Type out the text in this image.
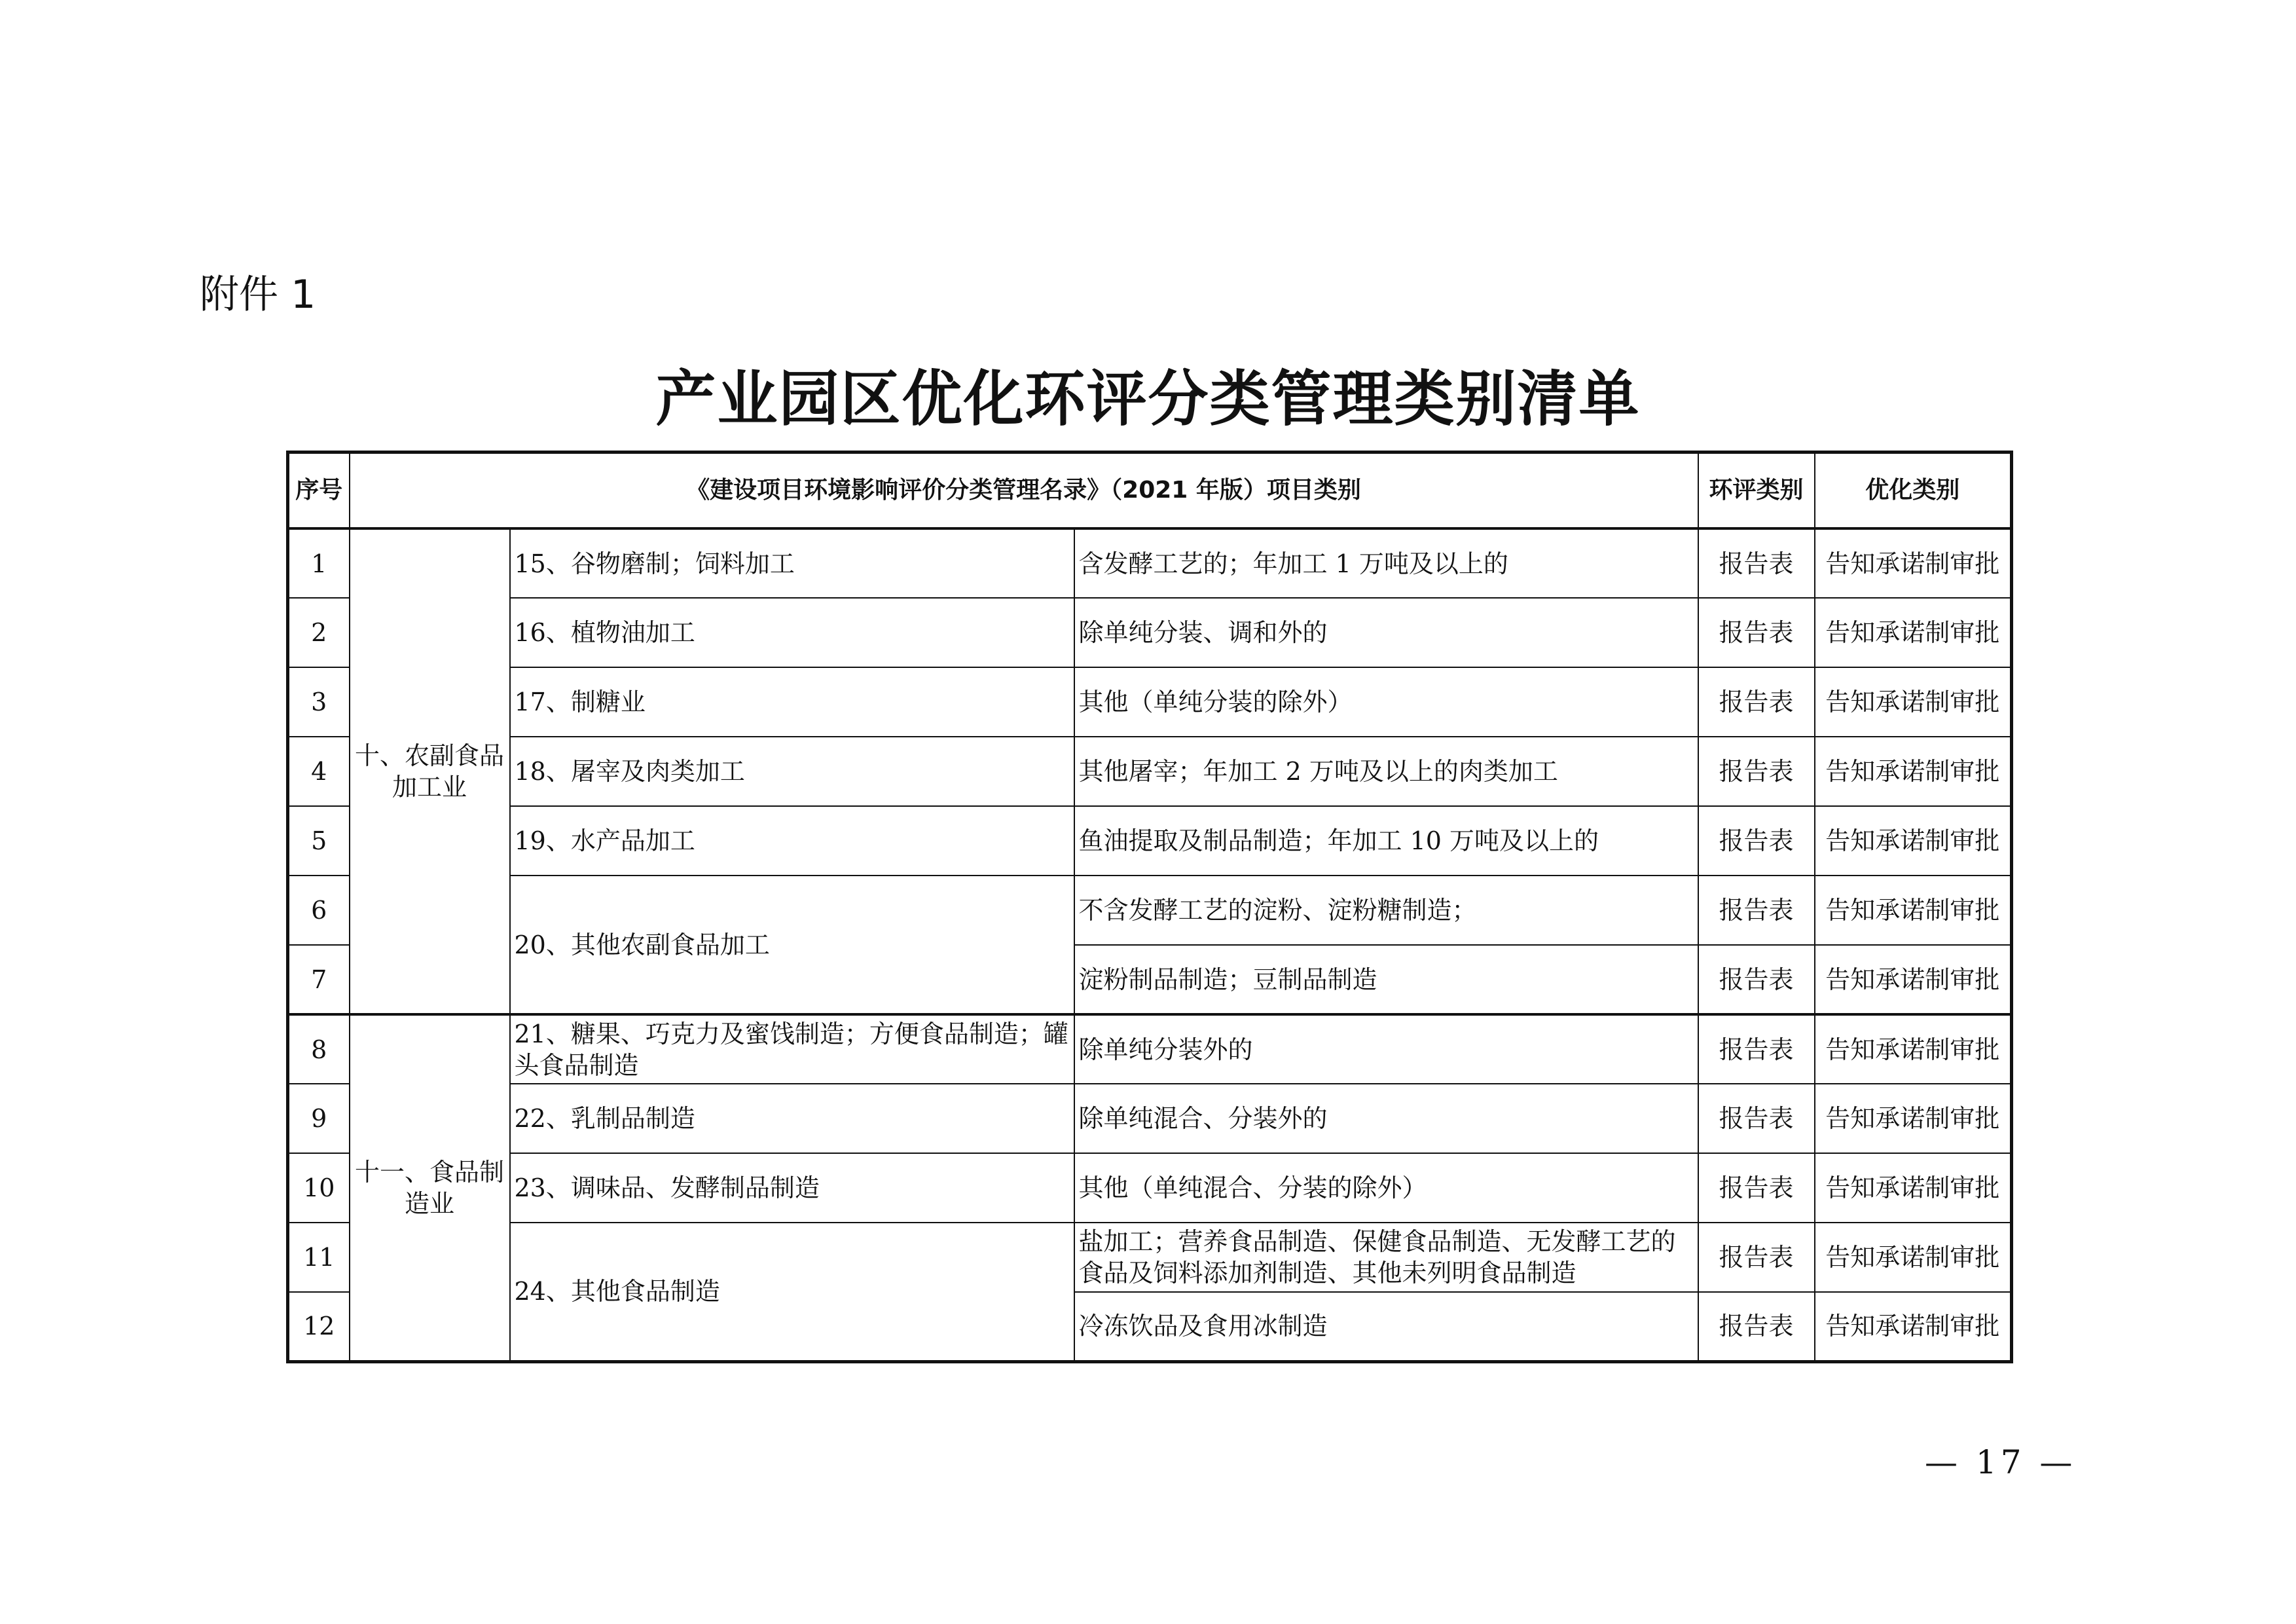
附件 1
产业园区优化环评分类管理类别清单
序号	《建设项目环境影响评价分类管理名录》（2021 年版）项目类别			环评类别	优化类别
1	十、农副食品加工业	15、谷物磨制；饲料加工	含发酵工艺的；年加工 1 万吨及以上的	报告表	告知承诺制审批
2		16、植物油加工	除单纯分装、调和外的	报告表	告知承诺制审批
3		17、制糖业	其他（单纯分装的除外）	报告表	告知承诺制审批
4		18、屠宰及肉类加工	其他屠宰；年加工 2 万吨及以上的肉类加工	报告表	告知承诺制审批
5		19、水产品加工	鱼油提取及制品制造；年加工 10 万吨及以上的	报告表	告知承诺制审批
6		20、其他农副食品加工	不含发酵工艺的淀粉、淀粉糖制造；	报告表	告知承诺制审批
7			淀粉制品制造；豆制品制造	报告表	告知承诺制审批
8	十一、食品制造业	21、糖果、巧克力及蜜饯制造；方便食品制造；罐头食品制造	除单纯分装外的	报告表	告知承诺制审批
9		22、乳制品制造	除单纯混合、分装外的	报告表	告知承诺制审批
10		23、调味品、发酵制品制造	其他（单纯混合、分装的除外）	报告表	告知承诺制审批
11		24、其他食品制造	盐加工；营养食品制造、保健食品制造、无发酵工艺的食品及饲料添加剂制造、其他未列明食品制造	报告表	告知承诺制审批
12			冷冻饮品及食用冰制造	报告表	告知承诺制审批
— 17 —
